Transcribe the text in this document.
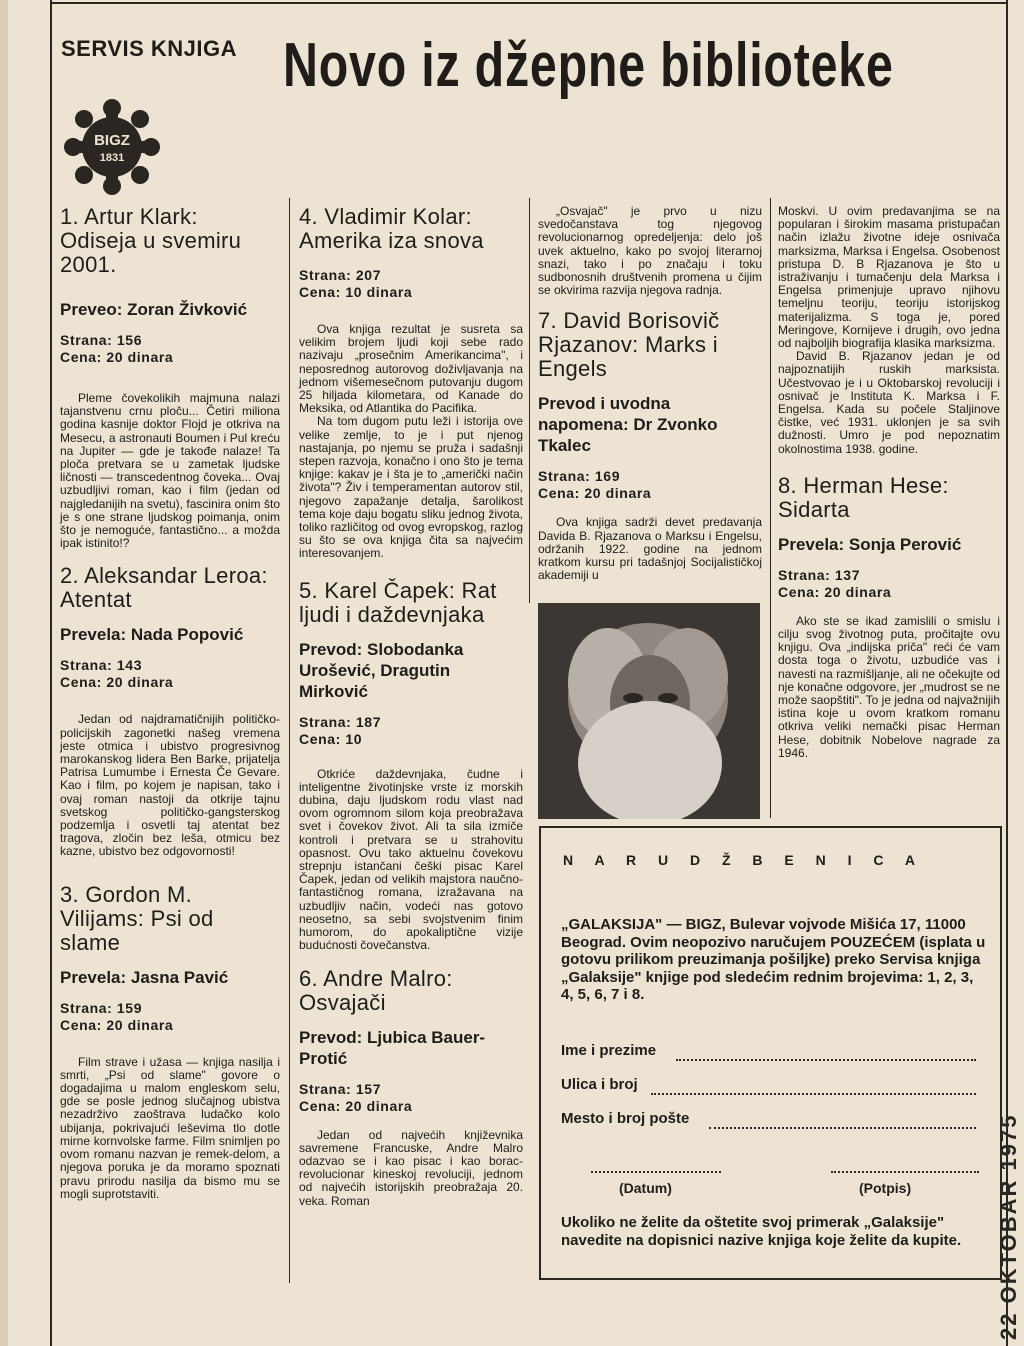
SERVIS KNJIGA Novo iz džepne biblioteke
BIGZ
1831
1. Artur Klark: Odiseja u svemiru 2001.
Preveo: Zoran Živković
Strana: 156
Cena: 20 dinara
Pleme čovekolikih majmuna nalazi tajanstvenu crnu ploču... Četiri miliona godina kasnije doktor Flojd je otkriva na Mesecu, a astronauti Boumen i Pul kreću na Jupiter — gde je takođe nalaze! Ta ploča pretvara se u zametak ljudske ličnosti — transcedentnog čoveka... Ovaj uzbudljivi roman, kao i film (jedan od najgledanijih na svetu), fascinira onim što je s one strane ljudskog poimanja, onim što je nemoguće, fantastično... a možda ipak istinito!?
2. Aleksandar Leroa: Atentat
Prevela: Nada Popović
Strana: 143
Cena: 20 dinara
Jedan od najdramatičnijih političko-policijskih zagonetki našeg vremena jeste otmica i ubistvo progresivnog marokanskog lidera Ben Barke, prijatelja Patrisa Lumumbe i Ernesta Če Gevare. Kao i film, po kojem je napisan, tako i ovaj roman nastoji da otkrije tajnu svetskog političko-gangsterskog podzemlja i osvetli taj atentat bez tragova, zločin bez leša, otmicu bez kazne, ubistvo bez odgovornosti!
3. Gordon M. Vilijams: Psi od slame
Prevela: Jasna Pavić
Strana: 159
Cena: 20 dinara
Film strave i užasa — knjiga nasilja i smrti, „Psi od slame" govore o dogadajima u malom engleskom selu, gde se posle jednog slučajnog ubistva nezadrživo zaoštrava ludačko kolo ubijanja, pokrivajući leševima tlo dotle mirne kornvolske farme. Film snimljen po ovom romanu nazvan je remek-delom, a njegova poruka je da moramo spoznati pravu prirodu nasilja da bismo mu se mogli suprotstaviti.
4. Vladimir Kolar: Amerika iza snova
Strana: 207
Cena: 10 dinara
Ova knjiga rezultat je susreta sa velikim brojem ljudi koji sebe rado nazivaju „prosečnim Amerikancima", i neposrednog autorovog doživljavanja na jednom višemesečnom putovanju dugom 25 hiljada kilometara, od Kanade do Meksika, od Atlantika do Pacifika.
Na tom dugom putu leži i istorija ove velike zemlje, to je i put njenog nastajanja, po njemu se pruža i sadašnji stepen razvoja, konačno i ono što je tema knjige: kakav je i šta je to „američki način života"? Živ i temperamentan autorov stil, njegovo zapažanje detalja, šarolikost tema koje daju bogatu sliku jednog života, toliko različitog od ovog evropskog, razlog su što se ova knjiga čita sa najvećim interesovanjem.
5. Karel Čapek: Rat ljudi i daždevnjaka
Prevod: Slobodanka Urošević, Dragutin Mirković
Strana: 187
Cena: 10
Otkriće daždevnjaka, čudne i inteligentne životinjske vrste iz morskih dubina, daju ljudskom rodu vlast nad ovom ogromnom silom koja preobražava svet i čovekov život. Ali ta sila izmiče kontroli i pretvara se u strahovitu opasnost. Ovu tako aktuelnu čovekovu strepnju istančani češki pisac Karel Čapek, jedan od velikih majstora naučno-fantastičnog romana, izražavana na uzbudljiv način, vodeći nas gotovo neosetno, sa sebi svojstvenim finim humorom, do apokaliptične vizije budućnosti čovečanstva.
6. Andre Malro: Osvajači
Prevod: Ljubica Bauer-Protić
Strana: 157
Cena: 20 dinara
Jedan od najvećih književnika savremene Francuske, Andre Malro odazvao se i kao pisac i kao borac-revolucionar kineskoj revoluciji, jednom od najvećih istorijskih preobražaja 20. veka. Roman
„Osvajač" je prvo u nizu svedočanstava tog njegovog revolucionarnog opredeljenja: delo još uvek aktuelno, kako po svojoj literarnoj snazi, tako i po značaju i toku sudbonosnih društvenih promena u čijim se okvirima razvija njegova radnja.
7. David Borisovič Rjazanov: Marks i Engels
Prevod i uvodna napomena: Dr Zvonko Tkalec
Strana: 169
Cena: 20 dinara
Ova knjiga sadrži devet predavanja Davida B. Rjazanova o Marksu i Engelsu, održanih 1922. godine na jednom kratkom kursu pri tadašnjoj Socijalističkoj akademiji u
Moskvi. U ovim predavanjima se na popularan i širokim masama pristupačan način izlažu životne ideje osnivača marksizma, Marksa i Engelsa. Osobenost pristupa D. B Rjazanova je što u istraživanju i tumačenju dela Marksa i Engelsa primenjuje upravo njihovu temeljnu teoriju, teoriju istorijskog materijalizma. S toga je, pored Meringove, Kornijeve i drugih, ovo jedna od najboljih biografija klasika marksizma.
David B. Rjazanov jedan je od najpoznatijih ruskih marksista. Učestvovao je i u Oktobarskoj revoluciji i osnivač je Instituta K. Marksa i F. Engelsa. Kada su počele Staljinove čistke, već 1931. uklonjen je sa svih dužnosti. Umro je pod nepoznatim okolnostima 1938. godine.
8. Herman Hese: Sidarta
Prevela: Sonja Perović
Strana: 137
Cena: 20 dinara
Ako ste se ikad zamislili o smislu i cilju svog životnog puta, pročitajte ovu knjigu. Ova „indijska priča" reći će vam dosta toga o životu, uzbudiće vas i navesti na razmišljanje, ali ne očekujte od nje konačne odgovore, jer „mudrost se ne može saopštiti". To je jedna od najvažnijih istina koje u ovom kratkom romanu otkriva veliki nemački pisac Herman Hese, dobitnik Nobelove nagrade za 1946.
N A R U D Ž B E N I C A
„GALAKSIJA" — BIGZ, Bulevar vojvode Mišića 17, 11000 Beograd. Ovim neopozivo naručujem POUZEĆEM (isplata u gotovu prilikom preuzimanja pošiljke) preko Servisa knjiga „Galaksije" knjige pod sledećim rednim brojevima: 1, 2, 3, 4, 5, 6, 7 i 8.
Ime i prezime
Ulica i broj
Mesto i broj pošte
(Datum)	(Potpis)
Ukoliko ne želite da oštetite svoj primerak „Galaksije" navedite na dopisnici nazive knjiga koje želite da kupite.	22 OKTOBAR 1975
